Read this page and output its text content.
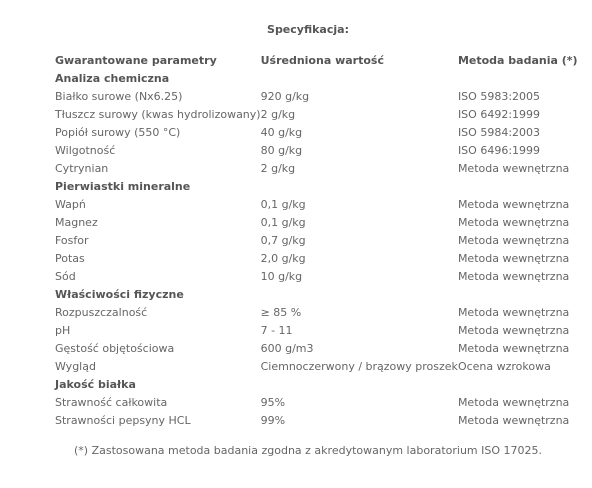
Specyfikacja:
Gwarantowane parametry	Uśredniona wartość	Metoda badania (*)
Analiza chemiczna		
Białko surowe (Nx6.25)	920 g/kg	ISO 5983:2005
Tłuszcz surowy (kwas hydrolizowany)	2 g/kg	ISO 6492:1999
Popiół surowy (550 °C)	40 g/kg	ISO 5984:2003
Wilgotność	80 g/kg	ISO 6496:1999
Cytrynian	2 g/kg	Metoda wewnętrzna
Pierwiastki mineralne		
Wapń	0,1 g/kg	Metoda wewnętrzna
Magnez	0,1 g/kg	Metoda wewnętrzna
Fosfor	0,7 g/kg	Metoda wewnętrzna
Potas	2,0 g/kg	Metoda wewnętrzna
Sód	10 g/kg	Metoda wewnętrzna
Właściwości fizyczne		
Rozpuszczalność	≥ 85 %	Metoda wewnętrzna
pH	7 - 11	Metoda wewnętrzna
Gęstość objętościowa	600 g/m3	Metoda wewnętrzna
Wygląd	Ciemnoczerwony / brązowy proszek	Ocena wzrokowa
Jakość białka		
Strawność całkowita	95%	Metoda wewnętrzna
Strawności pepsyny HCL	99%	Metoda wewnętrzna
(*) Zastosowana metoda badania zgodna z akredytowanym laboratorium ISO 17025.
